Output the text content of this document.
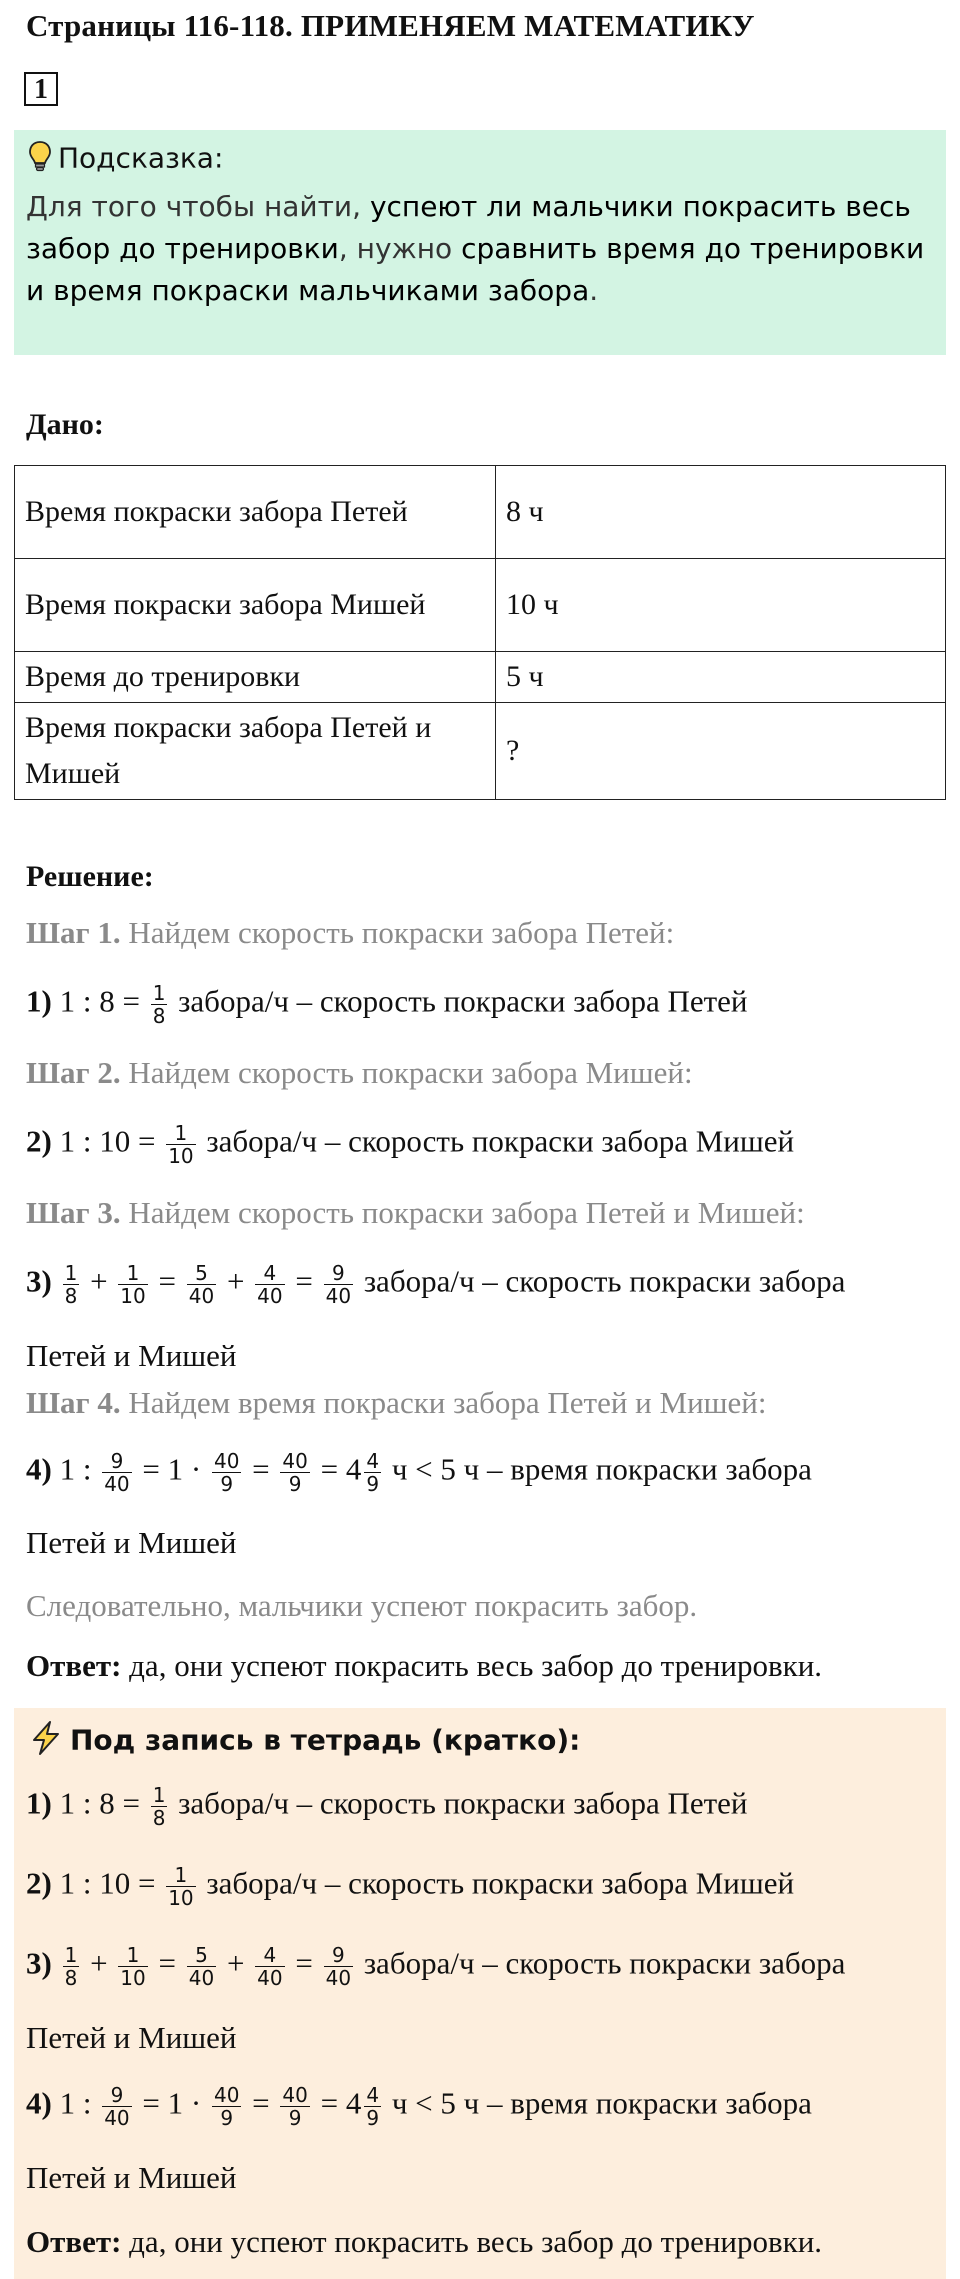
Страницы 116-118. ПРИМЕНЯЕМ МАТЕМАТИКУ
1
Подсказка:
Для того чтобы найти, успеют ли мальчики покрасить весь забор до тренировки, нужно сравнить время до тренировки и время покраски мальчиками забора.
Дано:
Время покраски забора Петей	8 ч
Время покраски забора Мишей	10 ч
Время до тренировки	5 ч
Время покраски забора Петей и Мишей	?
Решение:
Шаг 1. Найдем скорость покраски забора Петей:
1) 1 : $8 = \frac{1}{8}$ забора/ч – скорость покраски забора Петей
Шаг 2. Найдем скорость покраски забора Мишей:
2) 1 : $10 = \frac{1}{10}$ забора/ч – скорость покраски забора Мишей
Шаг 3. Найдем скорость покраски забора Петей и Мишей:
$3) \frac{1}{8} + \frac{1}{10} = \frac{5}{40} + \frac{4}{40} = \frac{9}{40}$ забора/ч – скорость покраски забора
Петей и Мишей
Шаг 4. Найдем время покраски забора Петей и Мишей:
4) 1 : $\frac{9}{40} = 1 \cdot \frac{40}{9} = \frac{40}{9} = 4 \frac{4}{9}$ ч < 5 ч – время покраски забора
Петей и Мишей
Следовательно, мальчики успеют покрасить забор.
Ответ: да, они успеют покрасить весь забор до тренировки.
Под запись в тетрадь (кратко):
1) 1 : $8 = \frac{1}{8}$ забора/ч – скорость покраски забора Петей
2) 1 : $10 = \frac{1}{10}$ забора/ч – скорость покраски забора Мишей
$3) \frac{1}{8} + \frac{1}{10} = \frac{5}{40} + \frac{4}{40} = \frac{9}{40}$ забора/ч – скорость покраски забора
Петей и Мишей
4) 1 : $\frac{9}{40} = 1 \cdot \frac{40}{9} = \frac{40}{9} = 4 \frac{4}{9}$ ч < 5 ч – время покраски забора
Петей и Мишей
Ответ: да, они успеют покрасить весь забор до тренировки.
